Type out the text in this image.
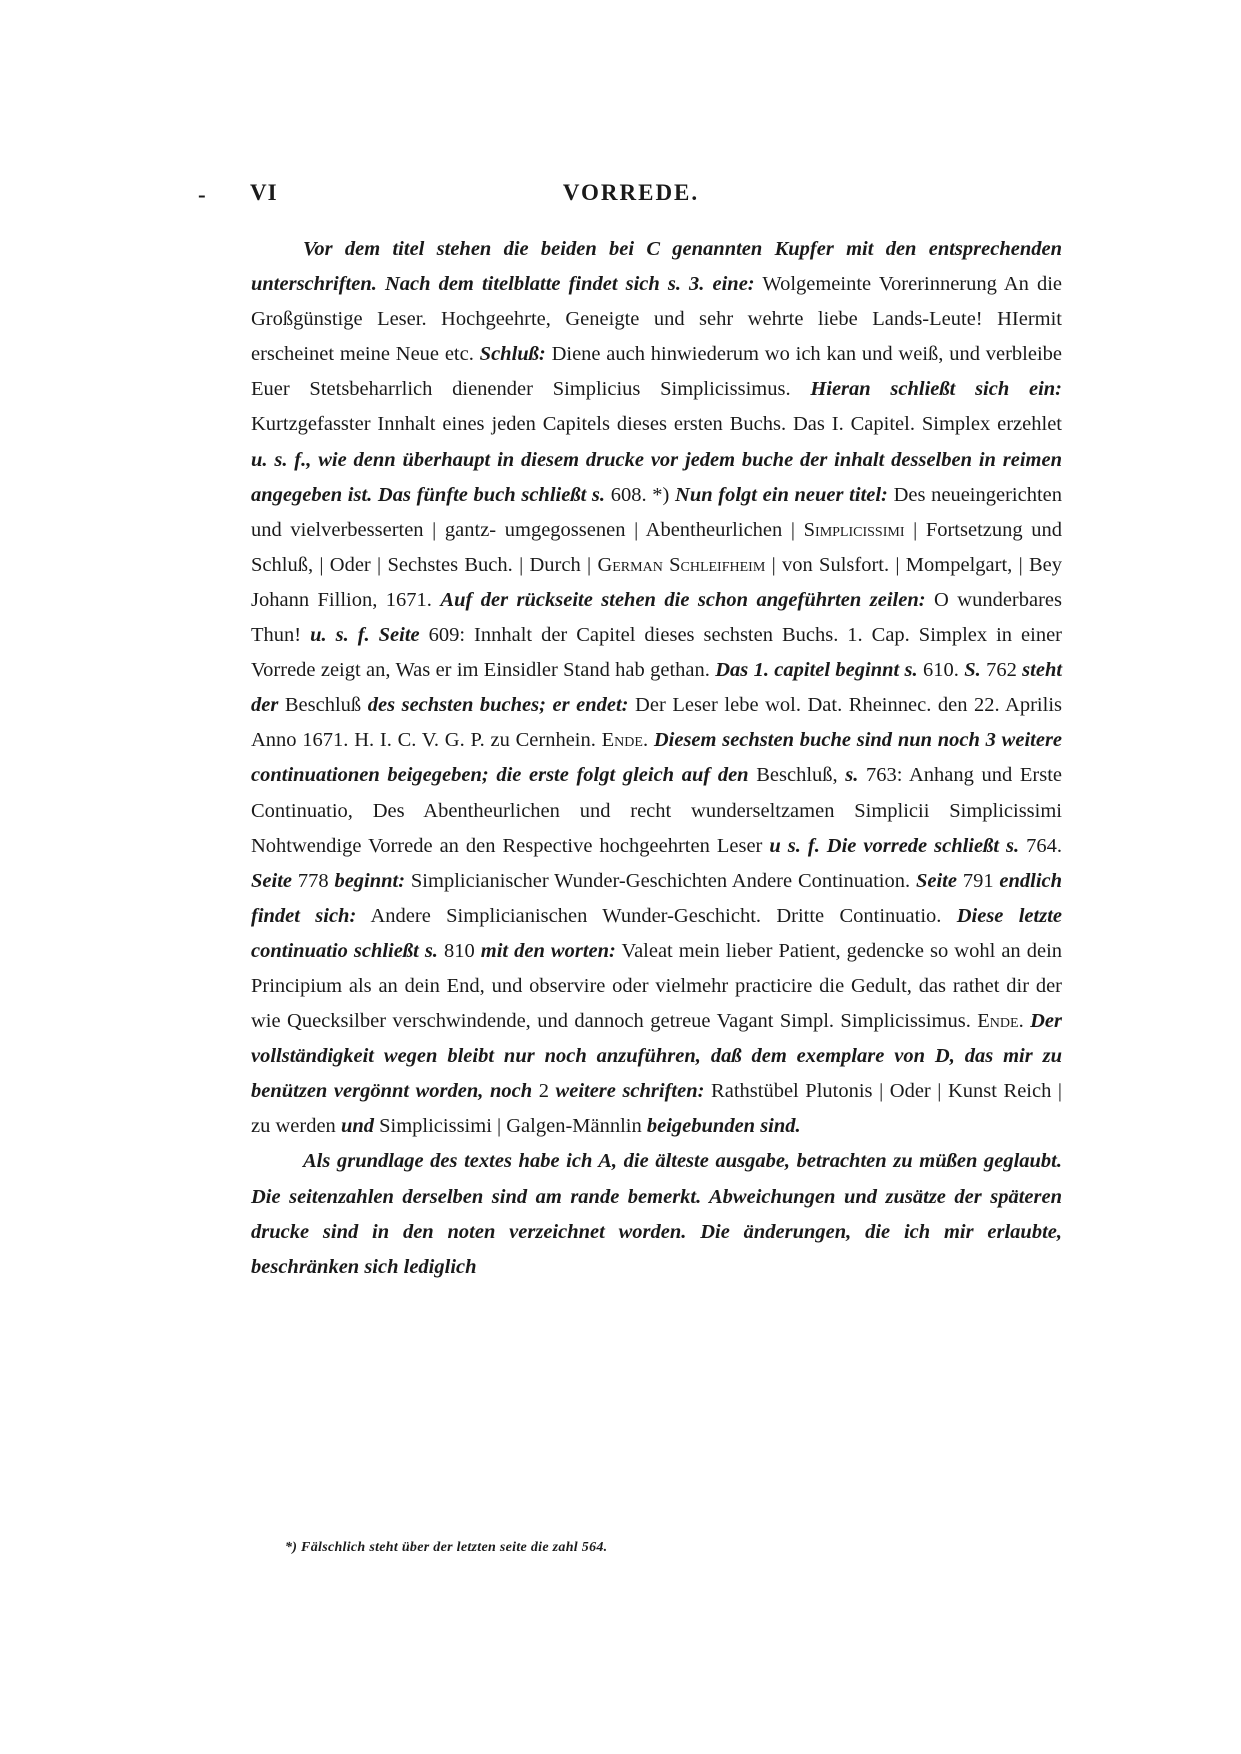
- VI	VORREDE.

Vor dem titel stehen die beiden bei C genannten Kupfer mit den entsprechenden unterschriften. Nach dem titelblatte findet sich s. 3. eine: Wolgemeinte Vorerinnerung An die Großgünstige Leser. Hochgeehrte, Geneigte und sehr wehrte liebe Lands-Leute! HIermit erscheinet meine Neue etc. Schluß: Diene auch hinwiederum wo ich kan und weiß, und verbleibe Euer Stetsbeharrlich dienender Simplicius Simplicissimus. Hieran schließt sich ein: Kurtzgefasster Innhalt eines jeden Capitels dieses ersten Buchs. Das I. Capitel. Simplex erzehlet u. s. f., wie denn überhaupt in diesem drucke vor jedem buche der inhalt desselben in reimen angegeben ist. Das fünfte buch schließt s. 608. *) Nun folgt ein neuer titel: Des neueingerichten und vielverbesserten | gantz- umgegossenen | Abentheurlichen | Simplicissimi | Fortsetzung und Schluß, | Oder | Sechstes Buch. | Durch | German Schleifheim | von Sulsfort. | Mompelgart, | Bey Johann Fillion, 1671. Auf der rückseite stehen die schon angeführten zeilen: O wunderbares Thun! u. s. f. Seite 609: Innhalt der Capitel dieses sechsten Buchs. 1. Cap. Simplex in einer Vorrede zeigt an, Was er im Einsidler Stand hab gethan. Das 1. capitel beginnt s. 610. S. 762 steht der Beschluß des sechsten buches; er endet: Der Leser lebe wol. Dat. Rheinnec. den 22. Aprilis Anno 1671. H. I. C. V. G. P. zu Cernhein. Ende. Diesem sechsten buche sind nun noch 3 weitere continuationen beigegeben; die erste folgt gleich auf den Beschluß, s. 763: Anhang und Erste Continuatio, Des Abentheurlichen und recht wunderseltzamen Simplicii Simplicissimi Nohtwendige Vorrede an den Respective hochgeehrten Leser u s. f. Die vorrede schließt s. 764. Seite 778 beginnt: Simplicianischer Wunder-Geschichten Andere Continuation. Seite 791 endlich findet sich: Andere Simplicianischen Wunder-Geschicht. Dritte Continuatio. Diese letzte continuatio schließt s. 810 mit den worten: Valeat mein lieber Patient, gedencke so wohl an dein Principium als an dein End, und observire oder vielmehr practicire die Gedult, das rathet dir der wie Quecksilber verschwindende, und dannoch getreue Vagant Simpl. Simplicissimus. Ende. Der vollständigkeit wegen bleibt nur noch anzuführen, daß dem exemplare von D, das mir zu benützen vergönnt worden, noch 2 weitere schriften: Rathstübel Plutonis | Oder | Kunst Reich | zu werden und Simplicissimi | Galgen-Männlin beigebunden sind.

Als grundlage des textes habe ich A, die älteste ausgabe, betrachten zu müßen geglaubt. Die seitenzahlen derselben sind am rande bemerkt. Abweichungen und zusätze der späteren drucke sind in den noten verzeichnet worden. Die änderungen, die ich mir erlaubte, beschränken sich lediglich

*) Fälschlich steht über der letzten seite die zahl 564.
